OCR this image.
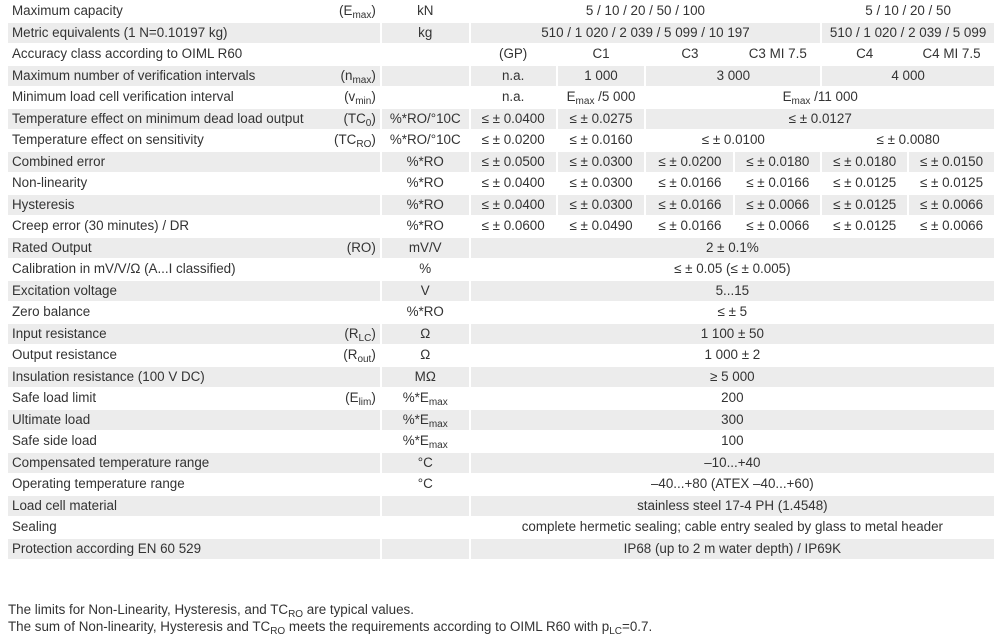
Maximum capacity $(E_{max})$	kN	5 / 10 / 20 / 50 / 100				5 / 10 / 20 / 50	
Metric equivalents (1 N=0.10197 kg)	kg	510 / 1 020 / 2 039 / 5 099 / 10 197				510 / 1 020 / 2 039 / 5 099	
Accuracy class according to OIML R60		(GP)	C1	C3	C3 MI 7.5	C4	C4 MI 7.5
Maximum number of verification intervals $(n_{max})$		n.a.	1 000	3 000		4 000	
Minimum load cell verification interval $(v_{min})$		n.a.	$E_{max}$ /5 000	$E_{max}$ /11 000			
Temperature effect on minimum dead load output $(TC_0)$	%*RO/°10C	≤ ± 0.0400	≤ ± 0.0275	≤ ± 0.0127			
Temperature effect on sensitivity $(TC_{RO})$	%*RO/°10C	≤ ± 0.0200	≤ ± 0.0160	≤ ± 0.0100		≤ ± 0.0080	
Combined error	%*RO	≤ ± 0.0500	≤ ± 0.0300	≤ ± 0.0200	≤ ± 0.0180	≤ ± 0.0180	≤ ± 0.0150
Non-linearity	%*RO	≤ ± 0.0400	≤ ± 0.0300	≤ ± 0.0166	≤ ± 0.0166	≤ ± 0.0125	≤ ± 0.0125
Hysteresis	%*RO	≤ ± 0.0400	≤ ± 0.0300	≤ ± 0.0166	≤ ± 0.0066	≤ ± 0.0125	≤ ± 0.0066
Creep error (30 minutes) / DR	%*RO	≤ ± 0.0600	≤ ± 0.0490	≤ ± 0.0166	≤ ± 0.0066	≤ ± 0.0125	≤ ± 0.0066
Rated Output (RO)	mV/V	2 ± 0.1%					
Calibration in mV/V/Ω (A...I classified)	%	≤ ± 0.05 (≤ ± 0.005)					
Excitation voltage	V	5...15					
Zero balance	%*RO	≤ ± 5					
Input resistance $(R_{LC})$	Ω	1 100 ± 50					
Output resistance $(R_{out})$	Ω	1 000 ± 2					
Insulation resistance (100 V DC)	MΩ	≥ 5 000					
Safe load limit $(E_{lim})$	$\%*E_{max}$	200					
Ultimate load	$\%*E_{max}$	300					
Safe side load	$\%*E_{max}$	100					
Compensated temperature range	°C	–10...+40					
Operating temperature range	°C	–40...+80 (ATEX –40...+60)					
Load cell material		stainless steel 17-4 PH (1.4548)					
Sealing		complete hermetic sealing; cable entry sealed by glass to metal header					
Protection according EN 60 529		IP68 (up to 2 m water depth) / IP69K					

The limits for Non-Linearity, Hysteresis, and $TC_{RO}$ are typical values.

The sum of Non-linearity, Hysteresis and $TC_{RO}$ meets the requirements according to OIML R60 with $p_{LC}=0.7$.
